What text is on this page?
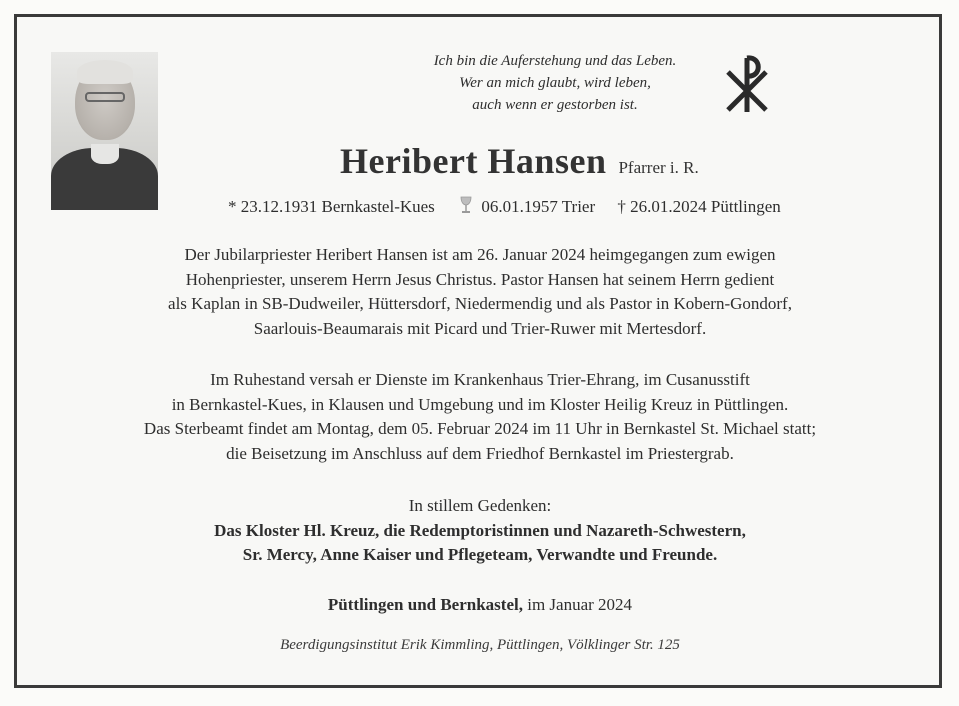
Ich bin die Auferstehung und das Leben.
Wer an mich glaubt, wird leben,
auch wenn er gestorben ist.
Heribert Hansen Pfarrer i. R.
* 23.12.1931 Bernkastel-Kues	06.01.1957 Trier † 26.01.2024 Püttlingen
Der Jubilarpriester Heribert Hansen ist am 26. Januar 2024 heimgegangen zum ewigen
Hohenpriester, unserem Herrn Jesus Christus. Pastor Hansen hat seinem Herrn gedient
als Kaplan in SB-Dudweiler, Hüttersdorf, Niedermendig und als Pastor in Kobern-Gondorf,
Saarlouis-Beaumarais mit Picard und Trier-Ruwer mit Mertesdorf.
Im Ruhestand versah er Dienste im Krankenhaus Trier-Ehrang, im Cusanusstift
in Bernkastel-Kues, in Klausen und Umgebung und im Kloster Heilig Kreuz in Püttlingen.
Das Sterbeamt findet am Montag, dem 05. Februar 2024 im 11 Uhr in Bernkastel St. Michael statt;
die Beisetzung im Anschluss auf dem Friedhof Bernkastel im Priestergrab.
In stillem Gedenken:
Das Kloster Hl. Kreuz, die Redemptoristinnen und Nazareth-Schwestern,
Sr. Mercy, Anne Kaiser und Pflegeteam, Verwandte und Freunde.
Püttlingen und Bernkastel, im Januar 2024
Beerdigungsinstitut Erik Kimmling, Püttlingen, Völklinger Str. 125
